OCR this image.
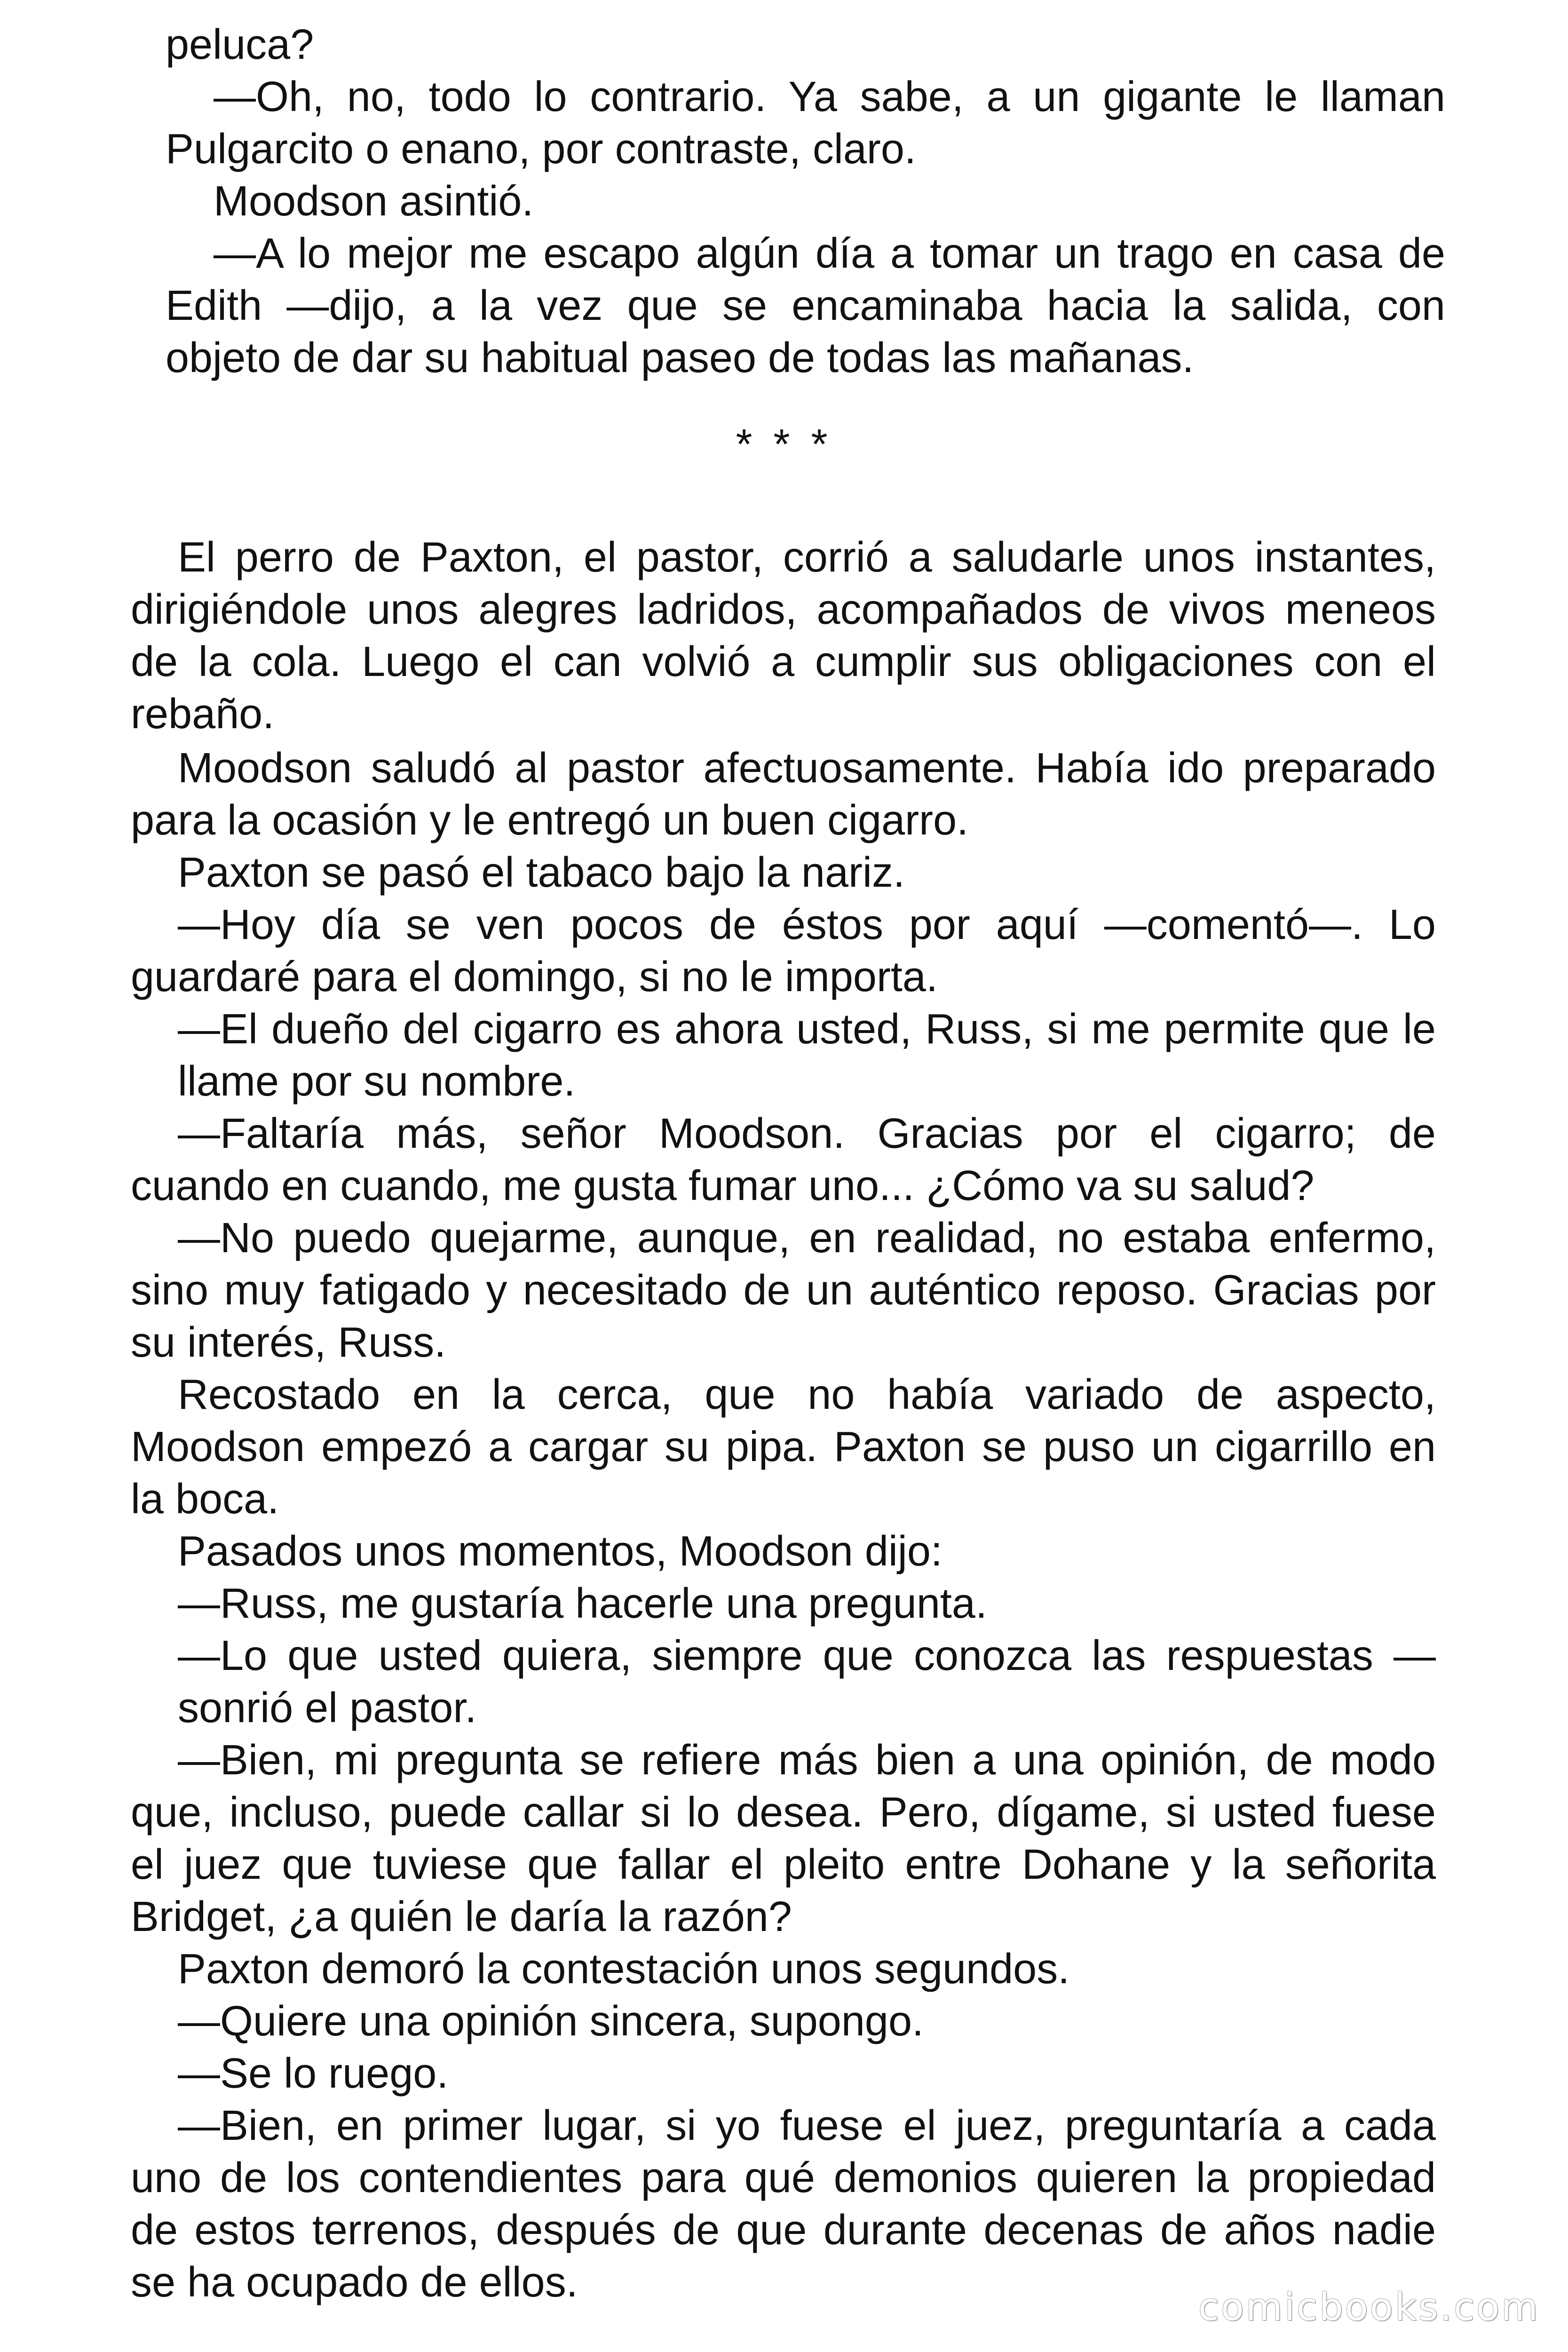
peluca?
—Oh, no, todo lo contrario. Ya sabe, a un gigante le llaman
Pulgarcito o enano, por contraste, claro.
Moodson asintió.
—A lo mejor me escapo algún día a tomar un trago en casa de
Edith —dijo, a la vez que se encaminaba hacia la salida, con
objeto de dar su habitual paseo de todas las mañanas.
* * *
El perro de Paxton, el pastor, corrió a saludarle unos instantes,
dirigiéndole unos alegres ladridos, acompañados de vivos meneos
de la cola. Luego el can volvió a cumplir sus obligaciones con el
rebaño.
Moodson saludó al pastor afectuosamente. Había ido preparado
para la ocasión y le entregó un buen cigarro.
Paxton se pasó el tabaco bajo la nariz.
—Hoy día se ven pocos de éstos por aquí —comentó—. Lo
guardaré para el domingo, si no le importa.
—El dueño del cigarro es ahora usted, Russ, si me permite que le
llame por su nombre.
—Faltaría más, señor Moodson. Gracias por el cigarro; de
cuando en cuando, me gusta fumar uno... ¿Cómo va su salud?
—No puedo quejarme, aunque, en realidad, no estaba enfermo,
sino muy fatigado y necesitado de un auténtico reposo. Gracias por
su interés, Russ.
Recostado en la cerca, que no había variado de aspecto,
Moodson empezó a cargar su pipa. Paxton se puso un cigarrillo en
la boca.
Pasados unos momentos, Moodson dijo:
—Russ, me gustaría hacerle una pregunta.
—Lo que usted quiera, siempre que conozca las respuestas —
sonrió el pastor.
—Bien, mi pregunta se refiere más bien a una opinión, de modo
que, incluso, puede callar si lo desea. Pero, dígame, si usted fuese
el juez que tuviese que fallar el pleito entre Dohane y la señorita
Bridget, ¿a quién le daría la razón?
Paxton demoró la contestación unos segundos.
—Quiere una opinión sincera, supongo.
—Se lo ruego.
—Bien, en primer lugar, si yo fuese el juez, preguntaría a cada
uno de los contendientes para qué demonios quieren la propiedad
de estos terrenos, después de que durante decenas de años nadie
se ha ocupado de ellos.
comicbooks.com
